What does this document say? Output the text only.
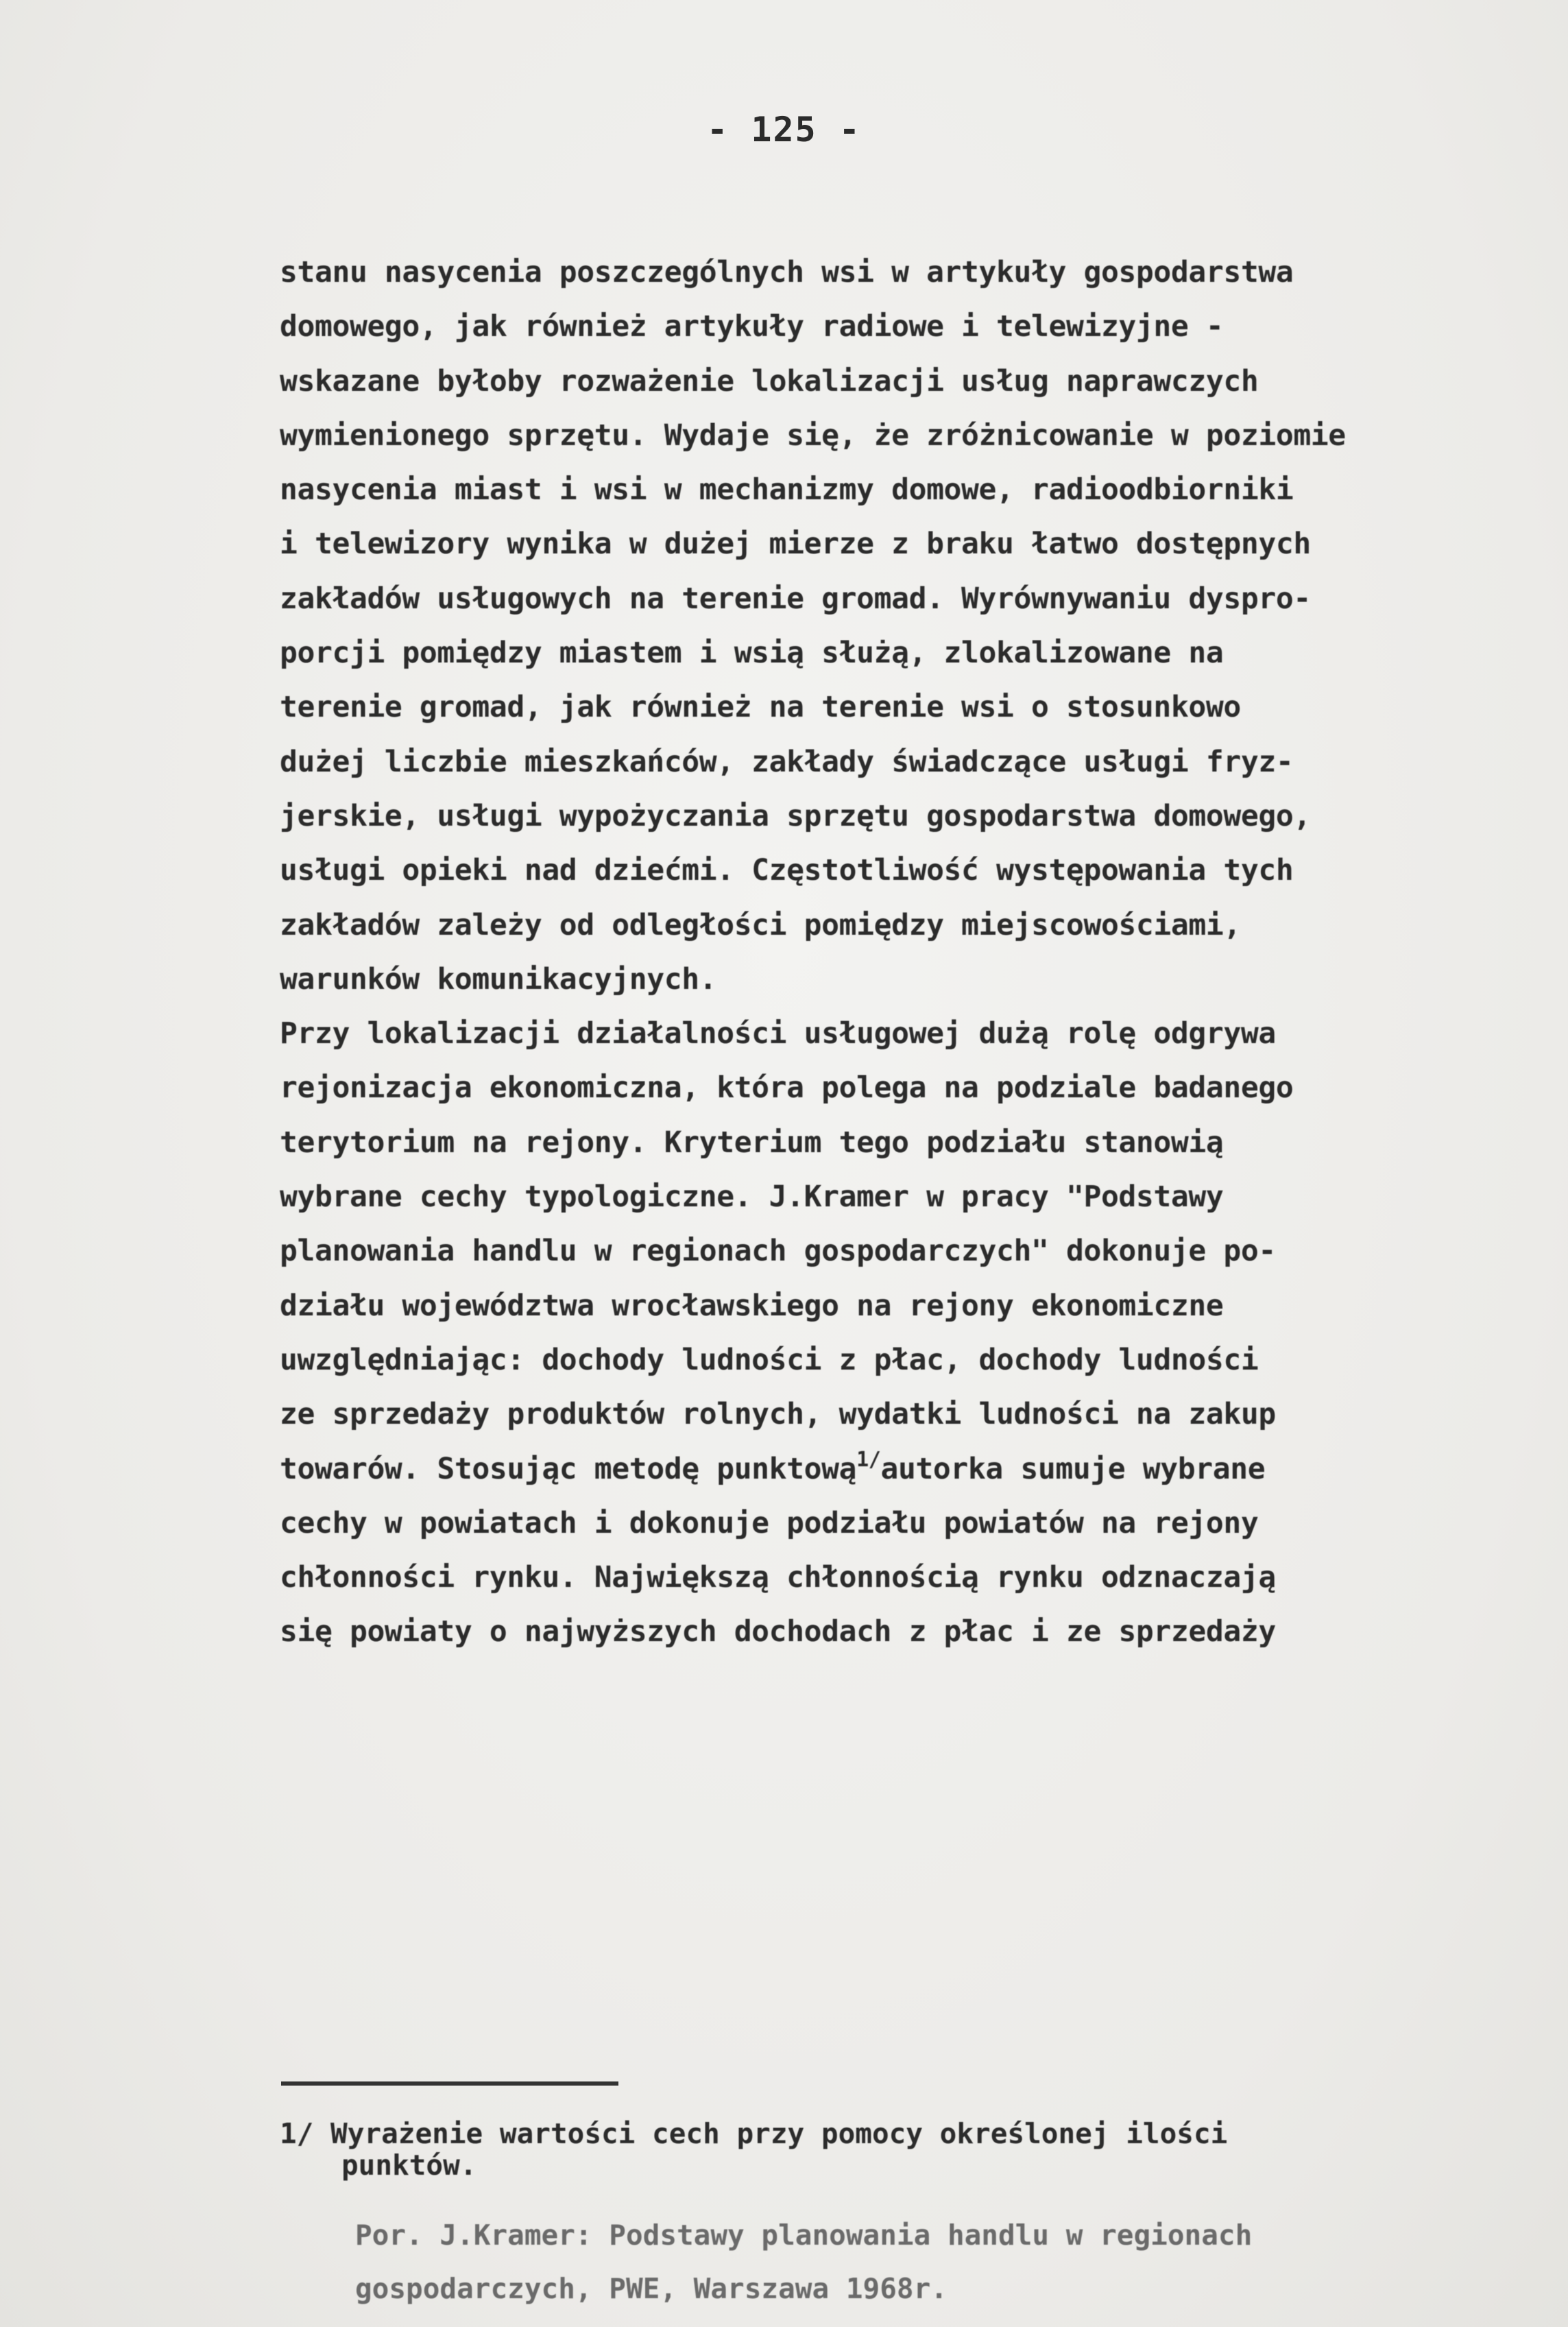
- 125 -
stanu nasycenia poszczególnych wsi w artykuły gospodarstwa
domowego, jak również artykuły radiowe i telewizyjne -
wskazane byłoby rozważenie lokalizacji usług naprawczych
wymienionego sprzętu. Wydaje się, że zróżnicowanie w poziomie
nasycenia miast i wsi w mechanizmy domowe, radioodbiorniki
i telewizory wynika w dużej mierze z braku łatwo dostępnych
zakładów usługowych na terenie gromad. Wyrównywaniu dyspro-
porcji pomiędzy miastem i wsią służą, zlokalizowane na
terenie gromad, jak również na terenie wsi o stosunkowo
dużej liczbie mieszkańców, zakłady świadczące usługi fryz-
jerskie, usługi wypożyczania sprzętu gospodarstwa domowego,
usługi opieki nad dziećmi. Częstotliwość występowania tych
zakładów zależy od odległości pomiędzy miejscowościami,
warunków komunikacyjnych.
Przy lokalizacji działalności usługowej dużą rolę odgrywa
rejonizacja ekonomiczna, która polega na podziale badanego
terytorium na rejony. Kryterium tego podziału stanowią
wybrane cechy typologiczne. J.Kramer w pracy "Podstawy
planowania handlu w regionach gospodarczych" dokonuje po-
działu województwa wrocławskiego na rejony ekonomiczne
uwzględniając: dochody ludności z płac, dochody ludności
ze sprzedaży produktów rolnych, wydatki ludności na zakup
towarów. Stosując metodę punktową$^{1/}$autorka sumuje wybrane
cechy w powiatach i dokonuje podziału powiatów na rejony
chłonności rynku. Największą chłonnością rynku odznaczają
się powiaty o najwyższych dochodach z płac i ze sprzedaży
1/ Wyrażenie wartości cech przy pomocy określonej ilości
punktów.
Por. J.Kramer: Podstawy planowania handlu w regionach
gospodarczych, PWE, Warszawa 1968r.
